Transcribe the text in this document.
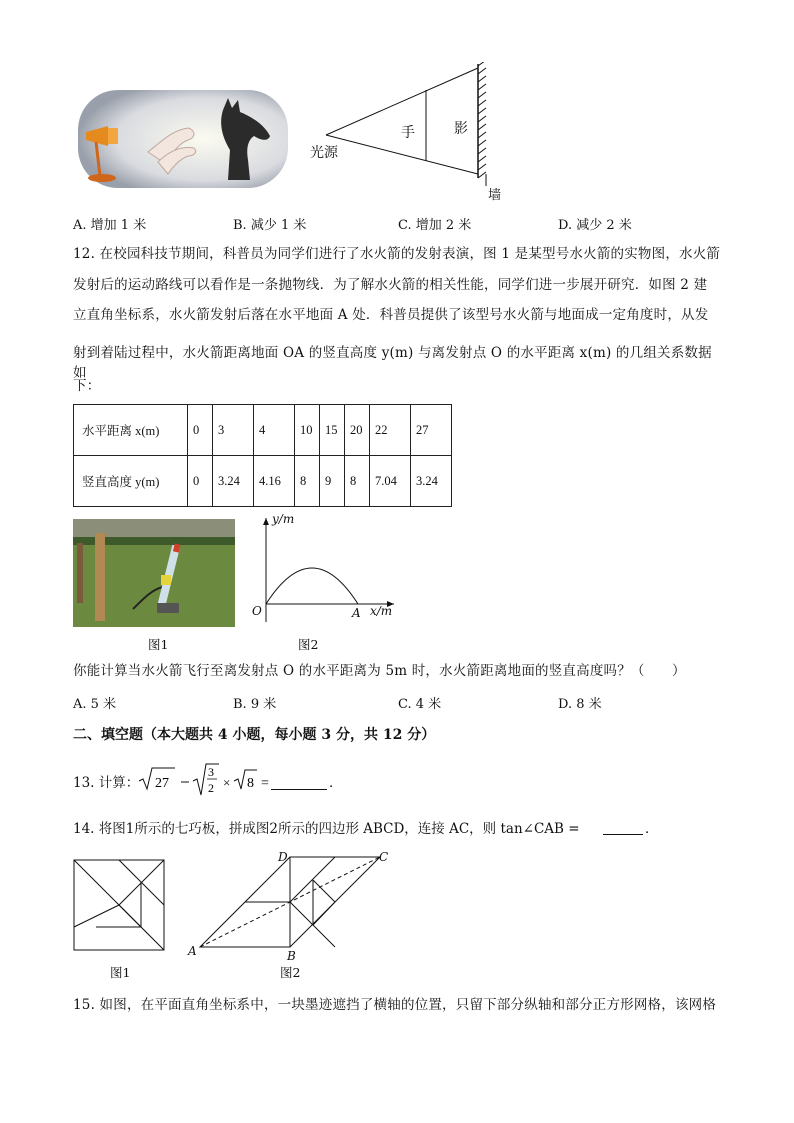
光源
手	影
墙
A. 增加 1 米	B. 减少 1 米	C. 增加 2 米	D. 减少 2 米
12. 在校园科技节期间，科普员为同学们进行了水火箭的发射表演，图 1 是某型号水火箭的实物图，水火箭
发射后的运动路线可以看作是一条抛物线．为了解水火箭的相关性能，同学们进一步展开研究．如图 2 建
立直角坐标系，水火箭发射后落在水平地面 A 处．科普员提供了该型号水火箭与地面成一定角度时，从发
射到着陆过程中，水火箭距离地面 OA 的竖直高度 y(m) 与离发射点 O 的水平距离 x(m) 的几组关系数据如
下：
水平距离 x(m)	0	3	4	10	15	20	22	27
竖直高度 y(m)	0	3.24	4.16	8	9	8	7.04	3.24
图1
y/m
x/m
O	A
图2
你能计算当水火箭飞行至离发射点 O 的水平距离为 5m 时，水火箭距离地面的竖直高度吗？（　　）
A. 5 米	B. 9 米	C. 4 米	D. 8 米
二、填空题（本大题共 4 小题，每小题 3 分，共 12 分）
13. 计算： 27
3
2 × 8 =	．
14. 将图1所示的七巧板，拼成图2所示的四边形 ABCD，连接 AC，则 tan∠CAB =	．
图1
A	B
C
D
图2
15. 如图，在平面直角坐标系中，一块墨迹遮挡了横轴的位置，只留下部分纵轴和部分正方形网格，该网格
